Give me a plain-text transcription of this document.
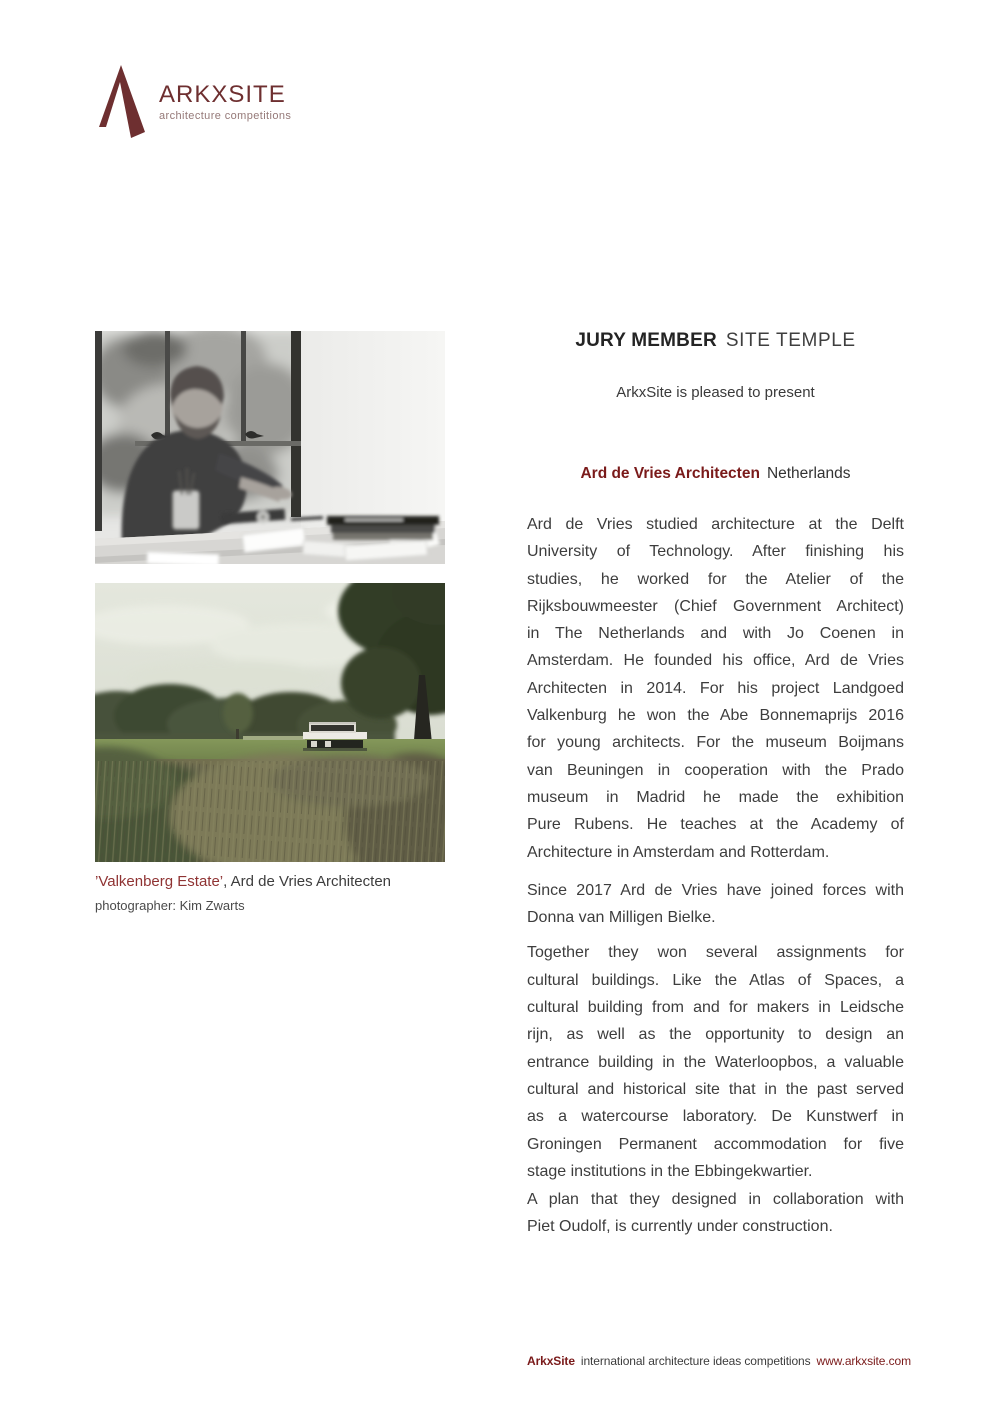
ARKXSITE
architecture competitions
’Valkenberg Estate’, Ard de Vries Architecten
photographer: Kim Zwarts
JURY MEMBER SITE TEMPLE

ArkxSite is pleased to present

Ard de Vries Architecten Netherlands

Ard de Vries studied architecture at the Delft
University of Technology. After finishing his
studies, he worked for the Atelier of the
Rijksbouwmeester (Chief Government Architect)
in The Netherlands and with Jo Coenen in
Amsterdam. He founded his office, Ard de Vries
Architecten in 2014. For his project Landgoed
Valkenburg he won the Abe Bonnemaprijs 2016
for young architects. For the museum Boijmans
van Beuningen in cooperation with the Prado
museum in Madrid he made the exhibition
Pure Rubens. He teaches at the Academy of
Architecture in Amsterdam and Rotterdam.
Since 2017 Ard de Vries have joined forces with
Donna van Milligen Bielke.
Together they won several assignments for
cultural buildings. Like the Atlas of Spaces, a
cultural building from and for makers in Leidsche
rijn, as well as the opportunity to design an
entrance building in the Waterloopbos, a valuable
cultural and historical site that in the past served
as a watercourse laboratory. De Kunstwerf in
Groningen Permanent accommodation for five
stage institutions in the Ebbingekwartier.
A plan that they designed in collaboration with
Piet Oudolf, is currently under construction.
ArkxSite international architecture ideas competitions www.arkxsite.com
